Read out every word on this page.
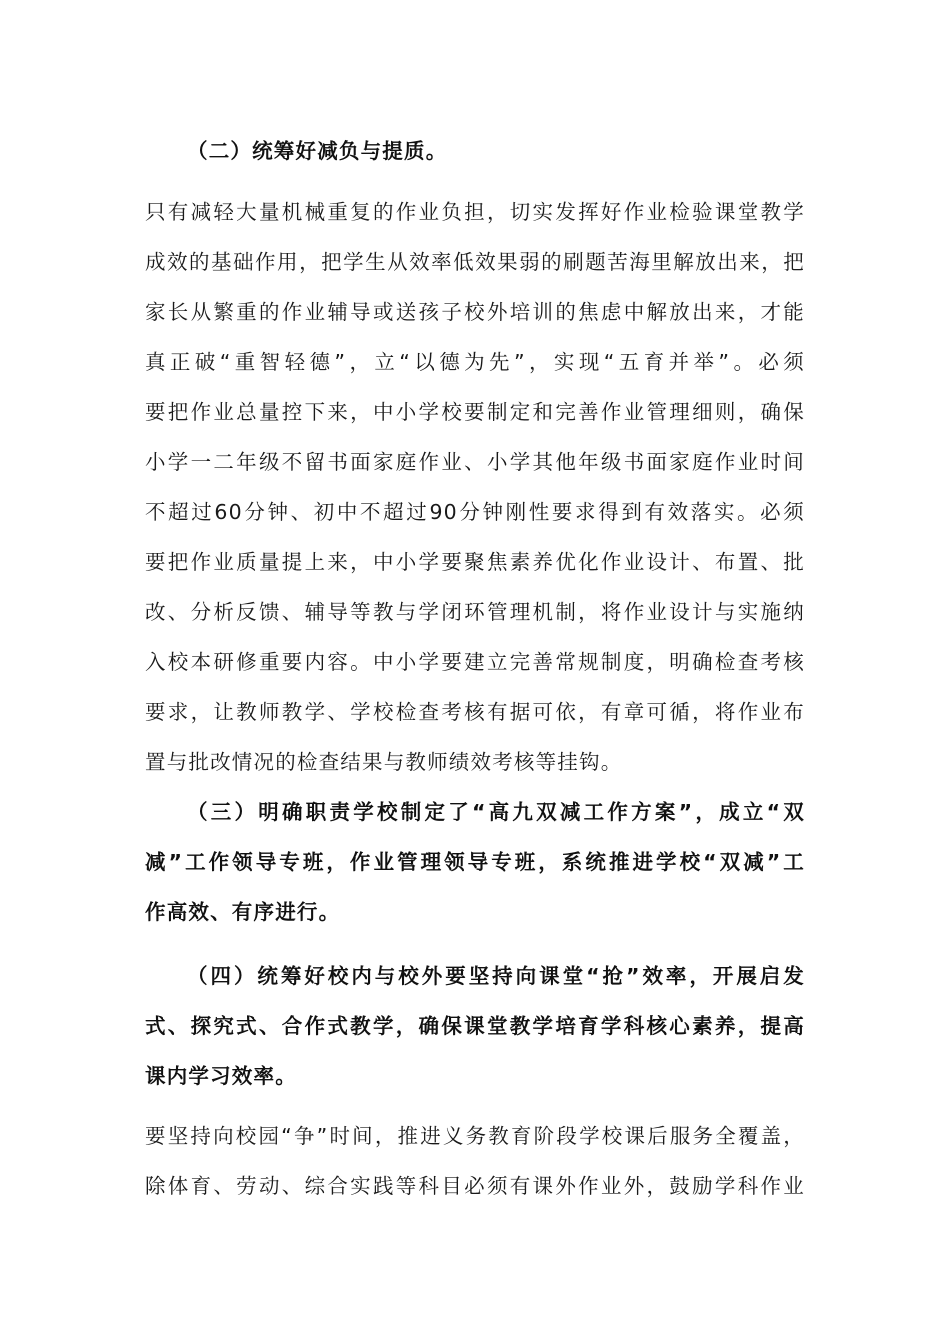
（二）统筹好减负与提质。
只有减轻大量机械重复的作业负担，切实发挥好作业检验课堂教学
成效的基础作用，把学生从效率低效果弱的刷题苦海里解放出来，把
家长从繁重的作业辅导或送孩子校外培训的焦虑中解放出来，才能
真正破“重智轻德”，立“以德为先”，实现“五育并举”。必须
要把作业总量控下来，中小学校要制定和完善作业管理细则，确保
小学一二年级不留书面家庭作业、小学其他年级书面家庭作业时间
不超过60分钟、初中不超过90分钟刚性要求得到有效落实。必须
要把作业质量提上来，中小学要聚焦素养优化作业设计、布置、批
改、分析反馈、辅导等教与学闭环管理机制，将作业设计与实施纳
入校本研修重要内容。中小学要建立完善常规制度，明确检查考核
要求，让教师教学、学校检查考核有据可依，有章可循，将作业布
置与批改情况的检查结果与教师绩效考核等挂钩。
（三）明确职责学校制定了“高九双减工作方案”，成立“双
减”工作领导专班，作业管理领导专班，系统推进学校“双减”工
作高效、有序进行。
（四）统筹好校内与校外要坚持向课堂“抢”效率，开展启发
式、探究式、合作式教学，确保课堂教学培育学科核心素养，提高
课内学习效率。
要坚持向校园“争”时间，推进义务教育阶段学校课后服务全覆盖，
除体育、劳动、综合实践等科目必须有课外作业外，鼓励学科作业
